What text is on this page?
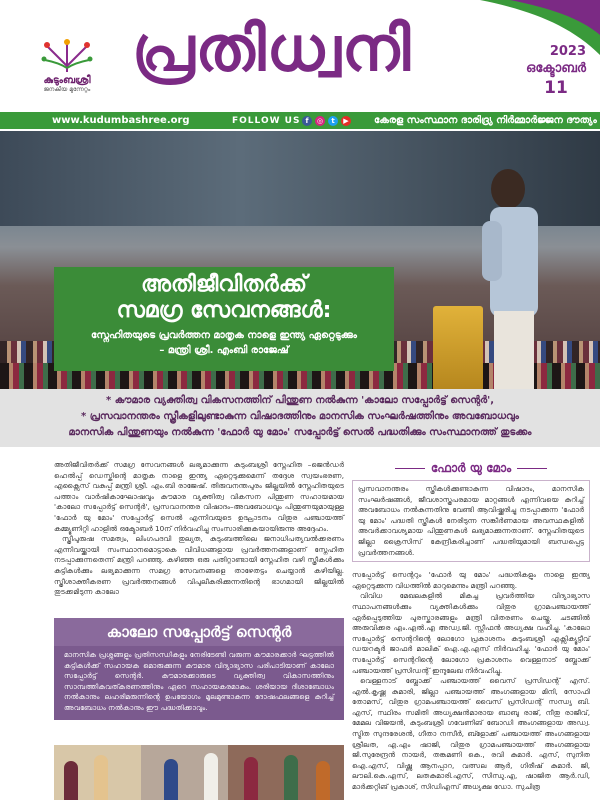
കുടുംബശ്രീ
ജനകീയ മുന്നേറ്റം
പ്രതിധ്വനി	2023
ഒക്ടോബർ
11
www.kudumbashree.org	FOLLOW US f	◎	t	▶	കേരള സംസ്ഥാന ദാരിദ്ര്യ നിർമ്മാർജ്ജന ദൗത്യം
അതിജീവിതർക്ക്
സമഗ്ര സേവനങ്ങൾ:
സ്നേഹിതയുടെ പ്രവർത്തന മാതൃക നാളെ ഇന്ത്യ ഏറ്റെടുക്കും
– മന്ത്രി ശ്രീ. എംബി രാജേഷ്
* കൗമാര വ്യക്തിത്വ വികസനത്തിന് പിന്തുണ നൽകുന്ന 'കാലോ സപ്പോർട്ട് സെന്റർ',
* പ്രസവാനന്തരം സ്ത്രീകളിലുണ്ടാകുന്ന വിഷാദത്തിനും മാനസിക സംഘർഷത്തിനും അവബോധവും
മാനസിക പിന്തുണയും നൽകുന്ന 'ഫോർ യു മോം' സപ്പോർട്ട് സെൽ പദ്ധതിക്കും സംസ്ഥാനത്ത് തുടക്കം

അതിജീവിതർക്ക് സമഗ്ര സേവനങ്ങൾ ലഭ്യമാക്കുന്ന കുടുംബശ്രീ സ്നേഹിത –ജെൻഡർ ഹെൽപ്പ് ഡെസ്കിന്റെ മാതൃക നാളെ ഇന്ത്യ ഏറ്റെടുക്കുമെന്ന് തദ്ദേശ സ്വയംഭരണ, എക്സൈസ് വകുപ്പ് മന്ത്രി ശ്രീ. എം.ബി രാജേഷ്. തിരുവനന്തപുരം ജില്ലയിൽ സ്നേഹിതയുടെ പത്താം വാർഷികാഘോഷവും കൗമാര വ്യക്തിത്വ വികസന പിന്തുണ സഹായമായ 'കാലോ സപ്പോർട്ട് സെന്റർ', പ്രസവാനന്തര വിഷാദം–അവബോധവും പിന്തുണയുമായുള്ള 'ഫോർ യു മോം' സപ്പോർട്ട് സെൽ എന്നിവയുടെ ഉദ്ഘാടനം വിതുര പഞ്ചായത്ത് കമ്മ്യൂണിറ്റി ഹാളിൽ ഒക്ടോബർ 10ന് നിർവഹിച്ചു സംസാരിക്കുകയായിരുന്നു അദ്ദേഹം.

സ്ത്രീപുരുഷ സമത്വം, ലിംഗപദവി തുല്യത, കുടുംബത്തിലെ ജനാധിപത്യവൽക്കരണം എന്നിവയ്ക്കായി സംസ്ഥാനമൊട്ടാകെ വിവിധങ്ങളായ പ്രവർത്തനങ്ങളാണ് സ്നേഹിത നടപ്പാക്കുന്നതെന്ന് മന്ത്രി പറഞ്ഞു. കഴിഞ്ഞ ഒരു പതിറ്റാണ്ടായി സ്നേഹിത വഴി സ്ത്രീകൾക്കും കുട്ടികൾക്കും ലഭ്യമാക്കുന്ന സമഗ്ര സേവനങ്ങളെ താഴേതട്ടം ചെയ്യാൻ കഴിയില്ല. സ്ത്രീശാക്തീകരണ പ്രവർത്തനങ്ങൾ വിപുലീകരിക്കുന്നതിന്റെ ഭാഗമായി ജില്ലയിൽ തുടക്കമിടുന്ന കാലോ

കാലോ സപ്പോർട്ട് സെന്റർ

മാനസിക പ്രശ്നങ്ങളും പ്രതിസന്ധികളും നേരിടേണ്ടി വരുന്ന കൗമാരക്കാർ ഘട്ടത്തിൽ കുട്ടികൾക്ക് സഹായക മൊരുക്കുന്ന കൗമാര വിദ്യാഭ്യാസ പരിപാടിയാണ് കാലോ സപ്പോർട്ട് സെന്റർ. കൗമാരക്കാരുടെ വ്യക്തിത്വ വികാസത്തിനും സാമ്പത്തികവത്കരണത്തിനും ഏറെ സഹായകരമാകും. ശരിയായ ദിശാബോധം നൽകാനും ലഹരിമരുന്നിന്റെ ഉപയോഗം മൂലമുണ്ടാകുന്ന ദോഷഫലങ്ങളെ കുറിച്ച് അവബോധം നൽകാനും ഈ പദ്ധതിക്കാവും.

ഫോർ യു മോം

പ്രസവാനന്തരം സ്ത്രീകൾക്കുണ്ടാകുന്ന വിഷാദം, മാനസിക സംഘർഷങ്ങൾ, ജീവശാസ്ത്രപരമായ മാറ്റങ്ങൾ എന്നിവയെ കുറിച്ച് അവബോധം നൽകുന്നതിനു വേണ്ടി ആവിഷ്ക്കരിച്ചു നടപ്പാക്കുന്ന 'ഫോർ യു മോം' പദ്ധതി സ്ത്രീകൾ നേരിടുന്ന സങ്കീർണമായ അവസ്ഥകളിൽ അവർക്കാവശ്യമായ പിന്തുണകൾ ലഭ്യമാക്കുന്നതാണ്. സ്നേഹിതയുടെ ജില്ലാ ക്രൈസിസ് കേന്ദ്രീകരിച്ചാണ് പദ്ധതിയുമായി ബന്ധപ്പെട്ട പ്രവർത്തനങ്ങൾ.

സപ്പോർട്ട് സെന്ററും 'ഫോർ യു മോം' പദ്ധതികളും നാളെ ഇന്ത്യ ഏറ്റെടുക്കുന്ന വിധത്തിൽ മാറുമെന്നും മന്ത്രി പറഞ്ഞു.

വിവിധ മേഖലകളിൽ മികച്ച പ്രവർത്തിയ വിദ്യാഭ്യാസ സ്ഥാപനങ്ങൾക്കും വ്യക്തികൾക്കും വിതുര ഗ്രാമപഞ്ചായത്ത് ഏർപ്പെടുത്തിയ പുരസ്കാരങ്ങളും മന്ത്രി വിതരണം ചെയ്തു. ചടങ്ങിൽ അരുവിക്കര എം.എൽ.എ അഡ്വ.ജി. സ്റ്റീഫൻ അധ്യക്ഷ വഹിച്ചു. 'കാലോ സപ്പോർട്ട് സെന്ററിന്റെ ലോഗോ പ്രകാശനം കുടുംബശ്രീ എക്സിക്യൂട്ടീവ് ഡയറക്ടർ ജാഫർ മാലിക് ഐ.എ.എസ് നിർവഹിച്ചു. 'ഫോർ യു മോം' സപ്പോർട്ട് സെന്ററിന്റെ ലോഗോ പ്രകാശനം വെള്ളനാട് ബ്ലോക്ക് പഞ്ചായത്ത് പ്രസിഡന്റ് ഇന്ദുലേഖ നിർവഹിച്ചു.

വെള്ളനാട് ബ്ലോക്ക് പഞ്ചായത്ത് വൈസ് പ്രസിഡന്റ് എസ്. എൽ.കൃഷ്ണ കുമാരി, ജില്ലാ പഞ്ചായത്ത് അംഗങ്ങളായ മിനി, സോഫി തോമസ്, വിതുര ഗ്രാമപഞ്ചായത്ത് വൈസ് പ്രസിഡന്റ് സന്ധ്യ ബി. എസ്, സ്ഥിരം സമിതി അധ്യക്ഷൻമാരായ ബാബു രാജ്, നീതു രാജീവ്, മേമല വിജയൻ, കുടുംബശ്രീ ഗവേണിങ് ബോഡി അംഗങ്ങളായ അഡ്വ. സ്മിത സുന്ദരേശൻ, ഗീതാ നസീർ, ബ്ളോക്ക് പഞ്ചായത്ത് അംഗങ്ങളായ ശ്രീലത, എ.എം ഷാജി, വിതുര ഗ്രാമപഞ്ചായത്ത് അംഗങ്ങളായ ജി.സുരേന്ദ്രൻ നായർ, തങ്കമണി കെ., രവി കുമാർ. എസ്, സുനിത ഐ.എസ്, വിഷ്ണു ആനപ്പാറ, വത്സല ആർ, ഗിരീഷ് കുമാർ. ജി, ലൗലി.കെ.എസ്, ലതകുമാരി.എസ്, സിന്ധു.എ, ഷാജിത ആർ.ഡി, മാർക്കറ്റിങ് പ്രകാശ്, സിഡിഎസ് അധ്യക്ഷ ഡോ. സുചിത്ര
